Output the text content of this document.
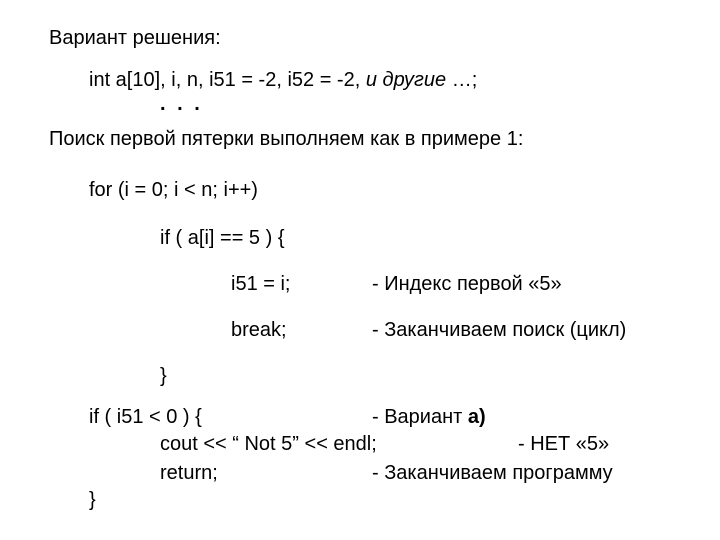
Вариант решения:
int a[10], i, n, i51 = -2, i52 = -2, и другие …;
. . .
Поиск первой пятерки выполняем как в примере 1:
for (i = 0; i < n; i++)
if ( a[i] == 5 ) {
i51 = i;	- Индекс первой «5»
break;	- Заканчиваем поиск (цикл)
}
if ( i51 < 0 ) {	- Вариант а)
cout << “ Not 5” << endl;	- НЕТ «5»
return;	- Заканчиваем программу
}
